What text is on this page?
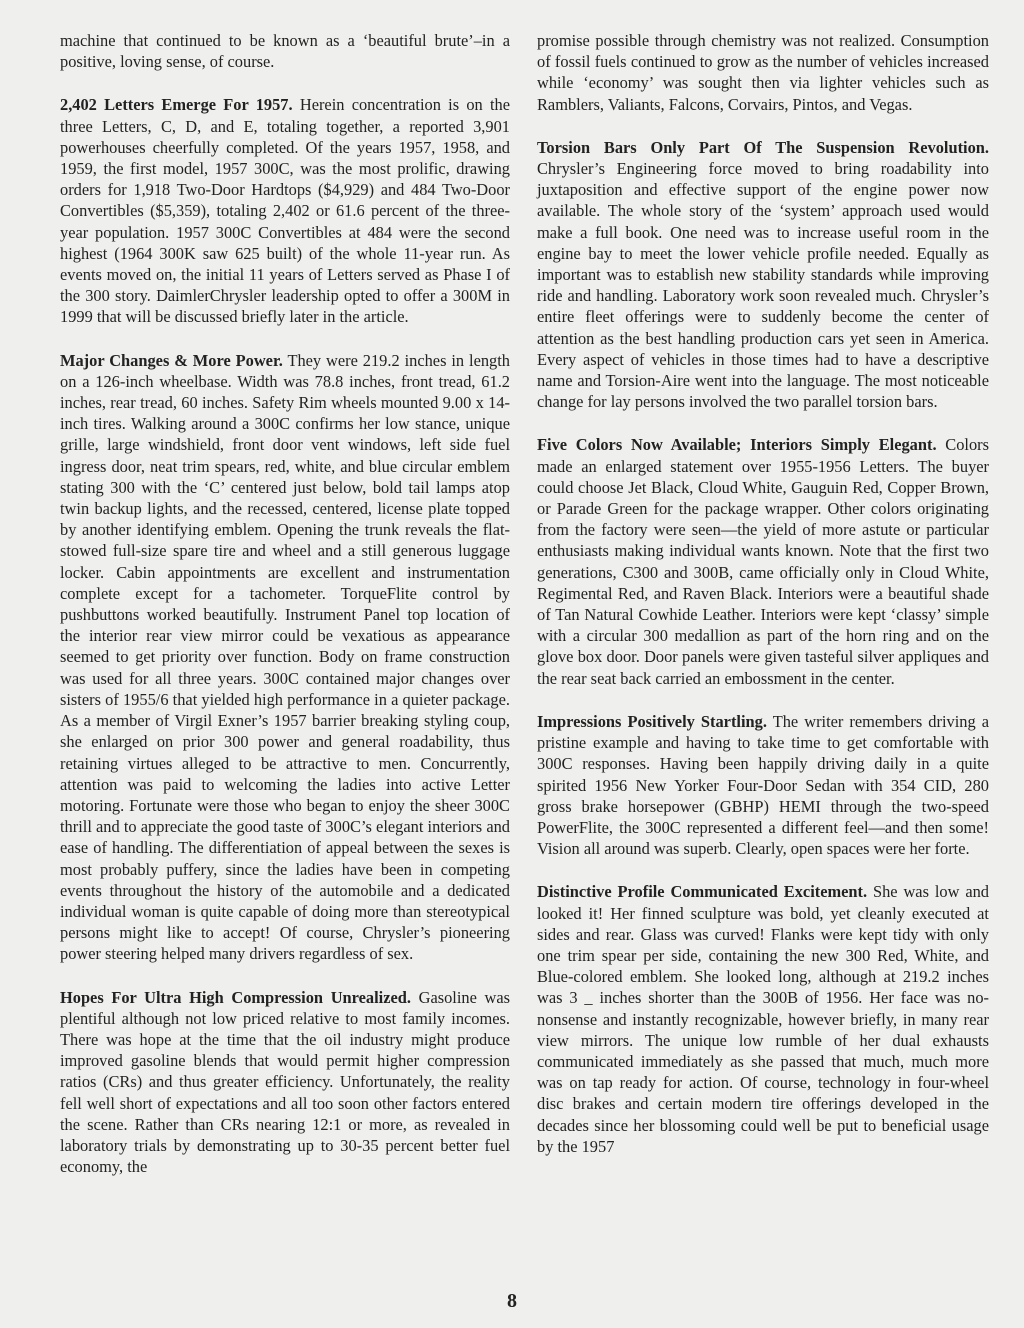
machine that continued to be known as a ‘beautiful brute’–in a positive, loving sense, of course.

2,402 Letters Emerge For 1957. Herein concentration is on the three Letters, C, D, and E, totaling together, a reported 3,901 powerhouses cheerfully completed. Of the years 1957, 1958, and 1959, the first model, 1957 300C, was the most prolific, drawing orders for 1,918 Two-Door Hardtops ($4,929) and 484 Two-Door Convertibles ($5,359), totaling 2,402 or 61.6 percent of the three-year population. 1957 300C Convertibles at 484 were the second highest (1964 300K saw 625 built) of the whole 11-year run. As events moved on, the initial 11 years of Letters served as Phase I of the 300 story. DaimlerChrysler leadership opted to offer a 300M in 1999 that will be discussed briefly later in the article.

Major Changes & More Power. They were 219.2 inches in length on a 126-inch wheelbase. Width was 78.8 inches, front tread, 61.2 inches, rear tread, 60 inches. Safety Rim wheels mounted 9.00 x 14-inch tires. Walking around a 300C confirms her low stance, unique grille, large windshield, front door vent windows, left side fuel ingress door, neat trim spears, red, white, and blue circular emblem stating 300 with the ‘C’ centered just below, bold tail lamps atop twin backup lights, and the recessed, centered, license plate topped by another identifying emblem. Opening the trunk reveals the flat-stowed full-size spare tire and wheel and a still generous luggage locker. Cabin appointments are excellent and instrumentation complete except for a tachometer. TorqueFlite control by pushbuttons worked beautifully. Instrument Panel top location of the interior rear view mirror could be vexatious as appearance seemed to get priority over function. Body on frame construction was used for all three years. 300C contained major changes over sisters of 1955/6 that yielded high performance in a quieter package. As a member of Virgil Exner’s 1957 barrier breaking styling coup, she enlarged on prior 300 power and general roadability, thus retaining virtues alleged to be attractive to men. Concurrently, attention was paid to welcoming the ladies into active Letter motoring. Fortunate were those who began to enjoy the sheer 300C thrill and to appreciate the good taste of 300C’s elegant interiors and ease of handling. The differentiation of appeal between the sexes is most probably puffery, since the ladies have been in competing events throughout the history of the automobile and a dedicated individual woman is quite capable of doing more than stereotypical persons might like to accept! Of course, Chrysler’s pioneering power steering helped many drivers regardless of sex.

Hopes For Ultra High Compression Unrealized. Gasoline was plentiful although not low priced relative to most family incomes. There was hope at the time that the oil industry might produce improved gasoline blends that would permit higher compression ratios (CRs) and thus greater efficiency. Unfortunately, the reality fell well short of expectations and all too soon other factors entered the scene. Rather than CRs nearing 12:1 or more, as revealed in laboratory trials by demonstrating up to 30-35 percent better fuel economy, the

promise possible through chemistry was not realized. Consumption of fossil fuels continued to grow as the number of vehicles increased while ‘economy’ was sought then via lighter vehicles such as Ramblers, Valiants, Falcons, Corvairs, Pintos, and Vegas.

Torsion Bars Only Part Of The Suspension Revolution. Chrysler’s Engineering force moved to bring roadability into juxtaposition and effective support of the engine power now available. The whole story of the ‘system’ approach used would make a full book. One need was to increase useful room in the engine bay to meet the lower vehicle profile needed. Equally as important was to establish new stability standards while improving ride and handling. Laboratory work soon revealed much. Chrysler’s entire fleet offerings were to suddenly become the center of attention as the best handling production cars yet seen in America. Every aspect of vehicles in those times had to have a descriptive name and Torsion-Aire went into the language. The most noticeable change for lay persons involved the two parallel torsion bars.

Five Colors Now Available; Interiors Simply Elegant. Colors made an enlarged statement over 1955-1956 Letters. The buyer could choose Jet Black, Cloud White, Gauguin Red, Copper Brown, or Parade Green for the package wrapper. Other colors originating from the factory were seen—the yield of more astute or particular enthusiasts making individual wants known. Note that the first two generations, C300 and 300B, came officially only in Cloud White, Regimental Red, and Raven Black. Interiors were a beautiful shade of Tan Natural Cowhide Leather. Interiors were kept ‘classy’ simple with a circular 300 medallion as part of the horn ring and on the glove box door. Door panels were given tasteful silver appliques and the rear seat back carried an embossment in the center.

Impressions Positively Startling. The writer remembers driving a pristine example and having to take time to get comfortable with 300C responses. Having been happily driving daily in a quite spirited 1956 New Yorker Four-Door Sedan with 354 CID, 280 gross brake horsepower (GBHP) HEMI through the two-speed PowerFlite, the 300C represented a different feel—and then some! Vision all around was superb. Clearly, open spaces were her forte.

Distinctive Profile Communicated Excitement. She was low and looked it! Her finned sculpture was bold, yet cleanly executed at sides and rear. Glass was curved! Flanks were kept tidy with only one trim spear per side, containing the new 300 Red, White, and Blue-colored emblem. She looked long, although at 219.2 inches was 3 _ inches shorter than the 300B of 1956. Her face was no-nonsense and instantly recognizable, however briefly, in many rear view mirrors. The unique low rumble of her dual exhausts communicated immediately as she passed that much, much more was on tap ready for action. Of course, technology in four-wheel disc brakes and certain modern tire offerings developed in the decades since her blossoming could well be put to beneficial usage by the 1957

8
